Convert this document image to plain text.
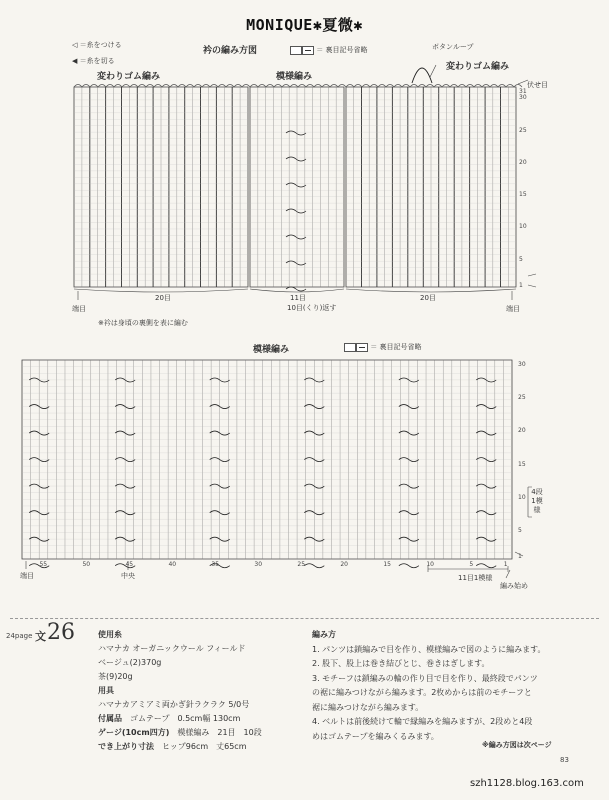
MONIQUE✱夏微✱
◁ ＝糸をつける
◀ ＝糸を切る
衿の編み方図	＝ 裏目記号省略	ボタンループ
変わりゴム編み	模様編み
変わりゴム編み
伏せ目
31
30
25
20
15
10
5
1
20目	11目
10目(くり)返す
20目
端目	端目
※衿は身頃の裏側を表に編む
模様編み	＝ 裏目記号省略
30
25
20
15
10
5
1
55	50	45	40	35	30	25	20	15	10	5	1
4段1模様
端目	中央	11目1模様
編み始め
24page 文 26	使用糸
ハマナカ オーガニックウール フィールド
ベージュ(2)370g
茶(9)20g
用具
ハマナカアミアミ両かぎ針ラクラク 5/0号
付属品　 ゴムテープ　0.5cm幅 130cm
ゲージ(10cm四方)　 模様編み　21目　10段
でき上がり寸法　 ヒップ96cm　丈65cm
編み方
1. パンツは鎖編みで目を作り、模様編みで図のように編みます。
2. 股下、股上は巻き結びとじ、巻きはぎします。
3. モチーフは鎖編みの輪の作り目で目を作り、最終段でパンツ
の裾に編みつけながら編みます。2枚めからは前のモチーフと
裾に編みつけながら編みます。
4. ベルトは前後続けて輪で縁編みを編みますが、2段めと4段
めはゴムテープを編みくるみます。
※編み方図は次ページ
83
szh1128.blog.163.com
